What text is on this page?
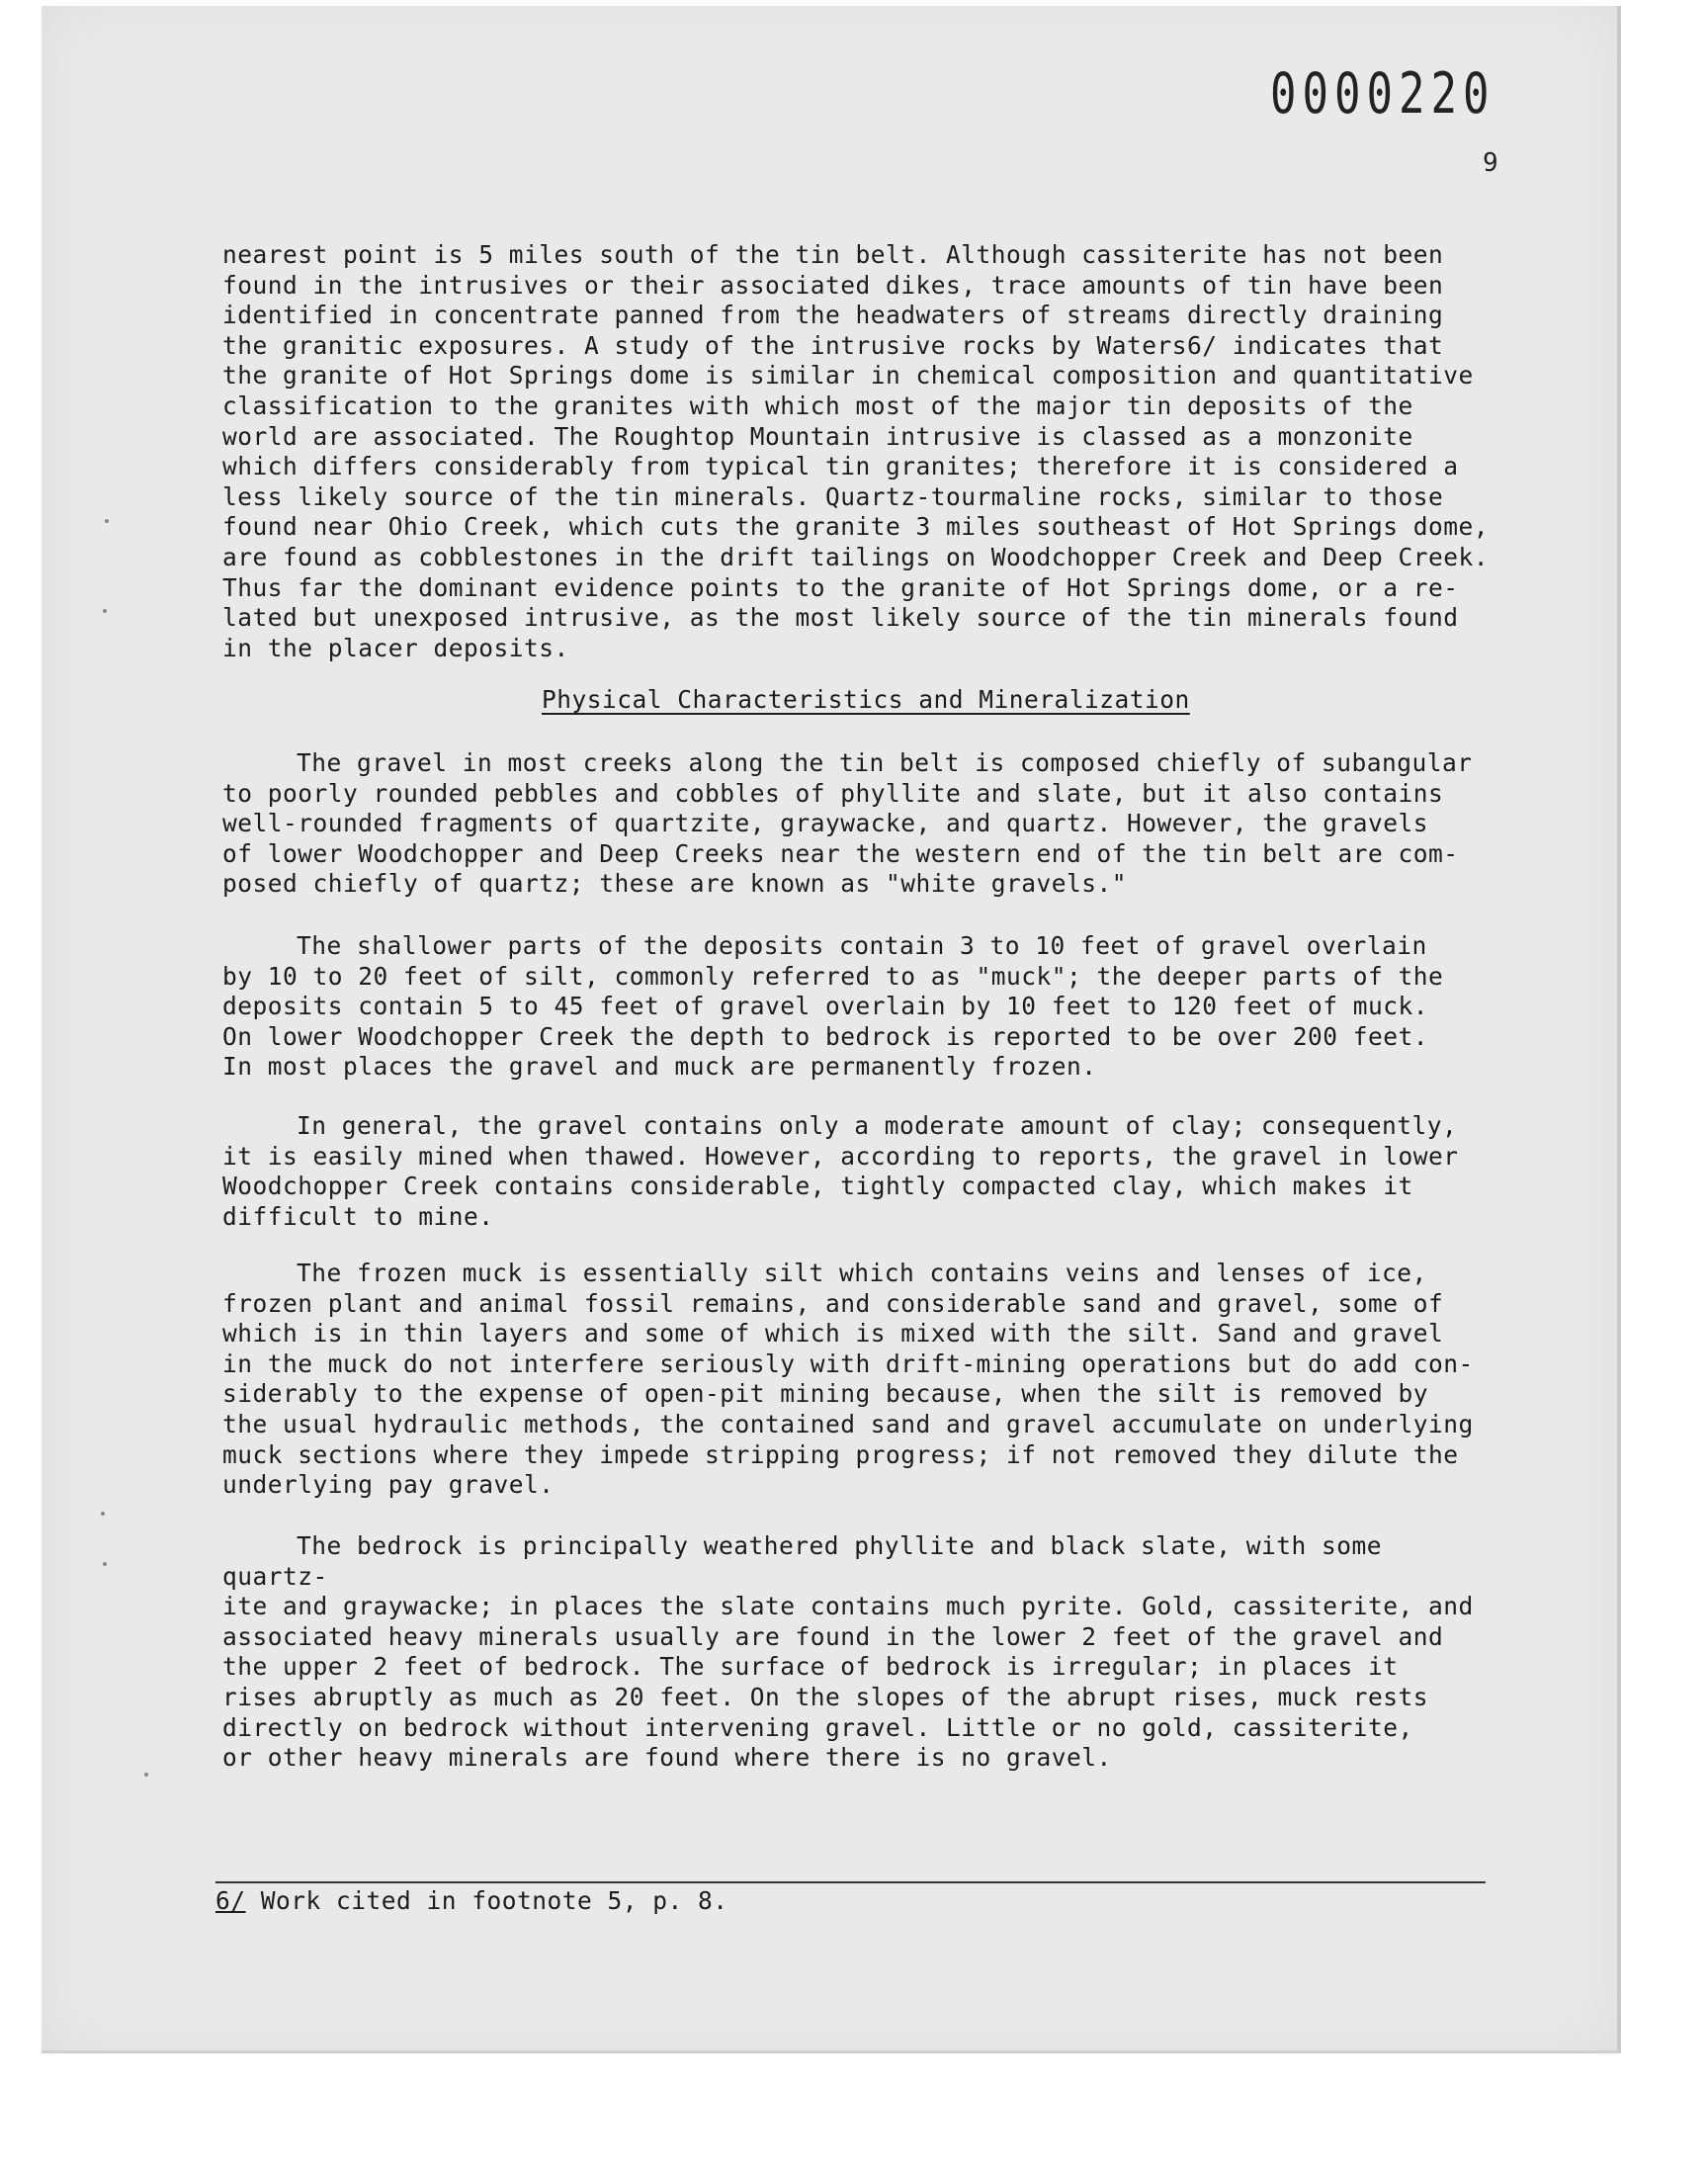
0000220
9

nearest point is 5 miles south of the tin belt. Although cassiterite has not been
found in the intrusives or their associated dikes, trace amounts of tin have been
identified in concentrate panned from the headwaters of streams directly draining
the granitic exposures. A study of the intrusive rocks by Waters6/ indicates that
the granite of Hot Springs dome is similar in chemical composition and quantitative
classification to the granites with which most of the major tin deposits of the
world are associated. The Roughtop Mountain intrusive is classed as a monzonite
which differs considerably from typical tin granites; therefore it is considered a
less likely source of the tin minerals. Quartz-tourmaline rocks, similar to those
found near Ohio Creek, which cuts the granite 3 miles southeast of Hot Springs dome,
are found as cobblestones in the drift tailings on Woodchopper Creek and Deep Creek.
Thus far the dominant evidence points to the granite of Hot Springs dome, or a re-
lated but unexposed intrusive, as the most likely source of the tin minerals found
in the placer deposits.

Physical Characteristics and Mineralization

The gravel in most creeks along the tin belt is composed chiefly of subangular
to poorly rounded pebbles and cobbles of phyllite and slate, but it also contains
well-rounded fragments of quartzite, graywacke, and quartz. However, the gravels
of lower Woodchopper and Deep Creeks near the western end of the tin belt are com-
posed chiefly of quartz; these are known as "white gravels."

The shallower parts of the deposits contain 3 to 10 feet of gravel overlain
by 10 to 20 feet of silt, commonly referred to as "muck"; the deeper parts of the
deposits contain 5 to 45 feet of gravel overlain by 10 feet to 120 feet of muck.
On lower Woodchopper Creek the depth to bedrock is reported to be over 200 feet.
In most places the gravel and muck are permanently frozen.

In general, the gravel contains only a moderate amount of clay; consequently,
it is easily mined when thawed. However, according to reports, the gravel in lower
Woodchopper Creek contains considerable, tightly compacted clay, which makes it
difficult to mine.

The frozen muck is essentially silt which contains veins and lenses of ice,
frozen plant and animal fossil remains, and considerable sand and gravel, some of
which is in thin layers and some of which is mixed with the silt. Sand and gravel
in the muck do not interfere seriously with drift-mining operations but do add con-
siderably to the expense of open-pit mining because, when the silt is removed by
the usual hydraulic methods, the contained sand and gravel accumulate on underlying
muck sections where they impede stripping progress; if not removed they dilute the
underlying pay gravel.

The bedrock is principally weathered phyllite and black slate, with some quartz-
ite and graywacke; in places the slate contains much pyrite. Gold, cassiterite, and
associated heavy minerals usually are found in the lower 2 feet of the gravel and
the upper 2 feet of bedrock. The surface of bedrock is irregular; in places it
rises abruptly as much as 20 feet. On the slopes of the abrupt rises, muck rests
directly on bedrock without intervening gravel. Little or no gold, cassiterite,
or other heavy minerals are found where there is no gravel.

6/ Work cited in footnote 5, p. 8.
